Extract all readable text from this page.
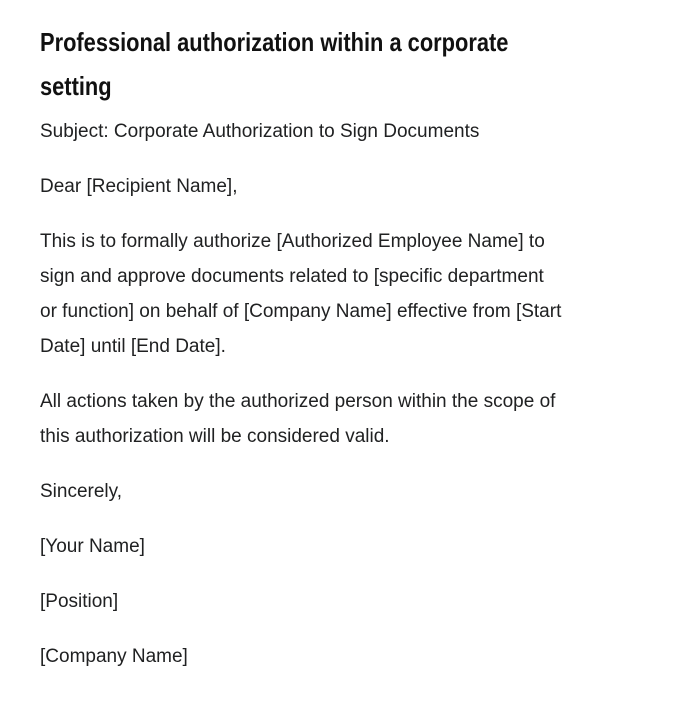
Professional authorization within a corporate
setting

Subject: Corporate Authorization to Sign Documents

Dear [Recipient Name],

This is to formally authorize [Authorized Employee Name] to
sign and approve documents related to [specific department
or function] on behalf of [Company Name] effective from [Start
Date] until [End Date].

All actions taken by the authorized person within the scope of
this authorization will be considered valid.

Sincerely,

[Your Name]

[Position]

[Company Name]
